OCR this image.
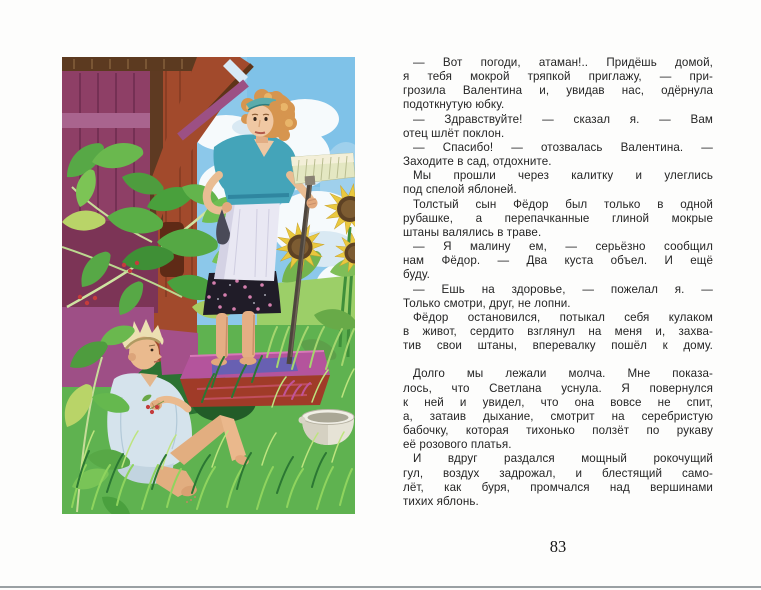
— Вот погоди, атаман!.. Придёшь домой,
я тебя мокрой тряпкой приглажу, — при-
грозила Валентина и, увидав нас, одёрнула
подоткнутую юбку.
— Здравствуйте! — сказал я. — Вам
отец шлёт поклон.
— Спасибо! — отозвалась Валентина. —
Заходите в сад, отдохните.
Мы прошли через калитку и улеглись
под спелой яблоней.
Толстый сын Фёдор был только в одной
рубашке, а перепачканные глиной мокрые
штаны валялись в траве.
— Я малину ем, — серьёзно сообщил
нам Фёдор. — Два куста объел. И ещё
буду.
— Ешь на здоровье, — пожелал я. —
Только смотри, друг, не лопни.
Фёдор остановился, потыкал себя кулаком
в живот, сердито взглянул на меня и, захва-
тив свои штаны, вперевалку пошёл к дому.
Долго мы лежали молча. Мне показа-
лось, что Светлана уснула. Я повернулся
к ней и увидел, что она вовсе не спит,
а, затаив дыхание, смотрит на серебристую
бабочку, которая тихонько ползёт по рукаву
её розового платья.
И вдруг раздался мощный рокочущий
гул, воздух задрожал, и блестящий само-
лёт, как буря, промчался над вершинами
тихих яблонь.
83
